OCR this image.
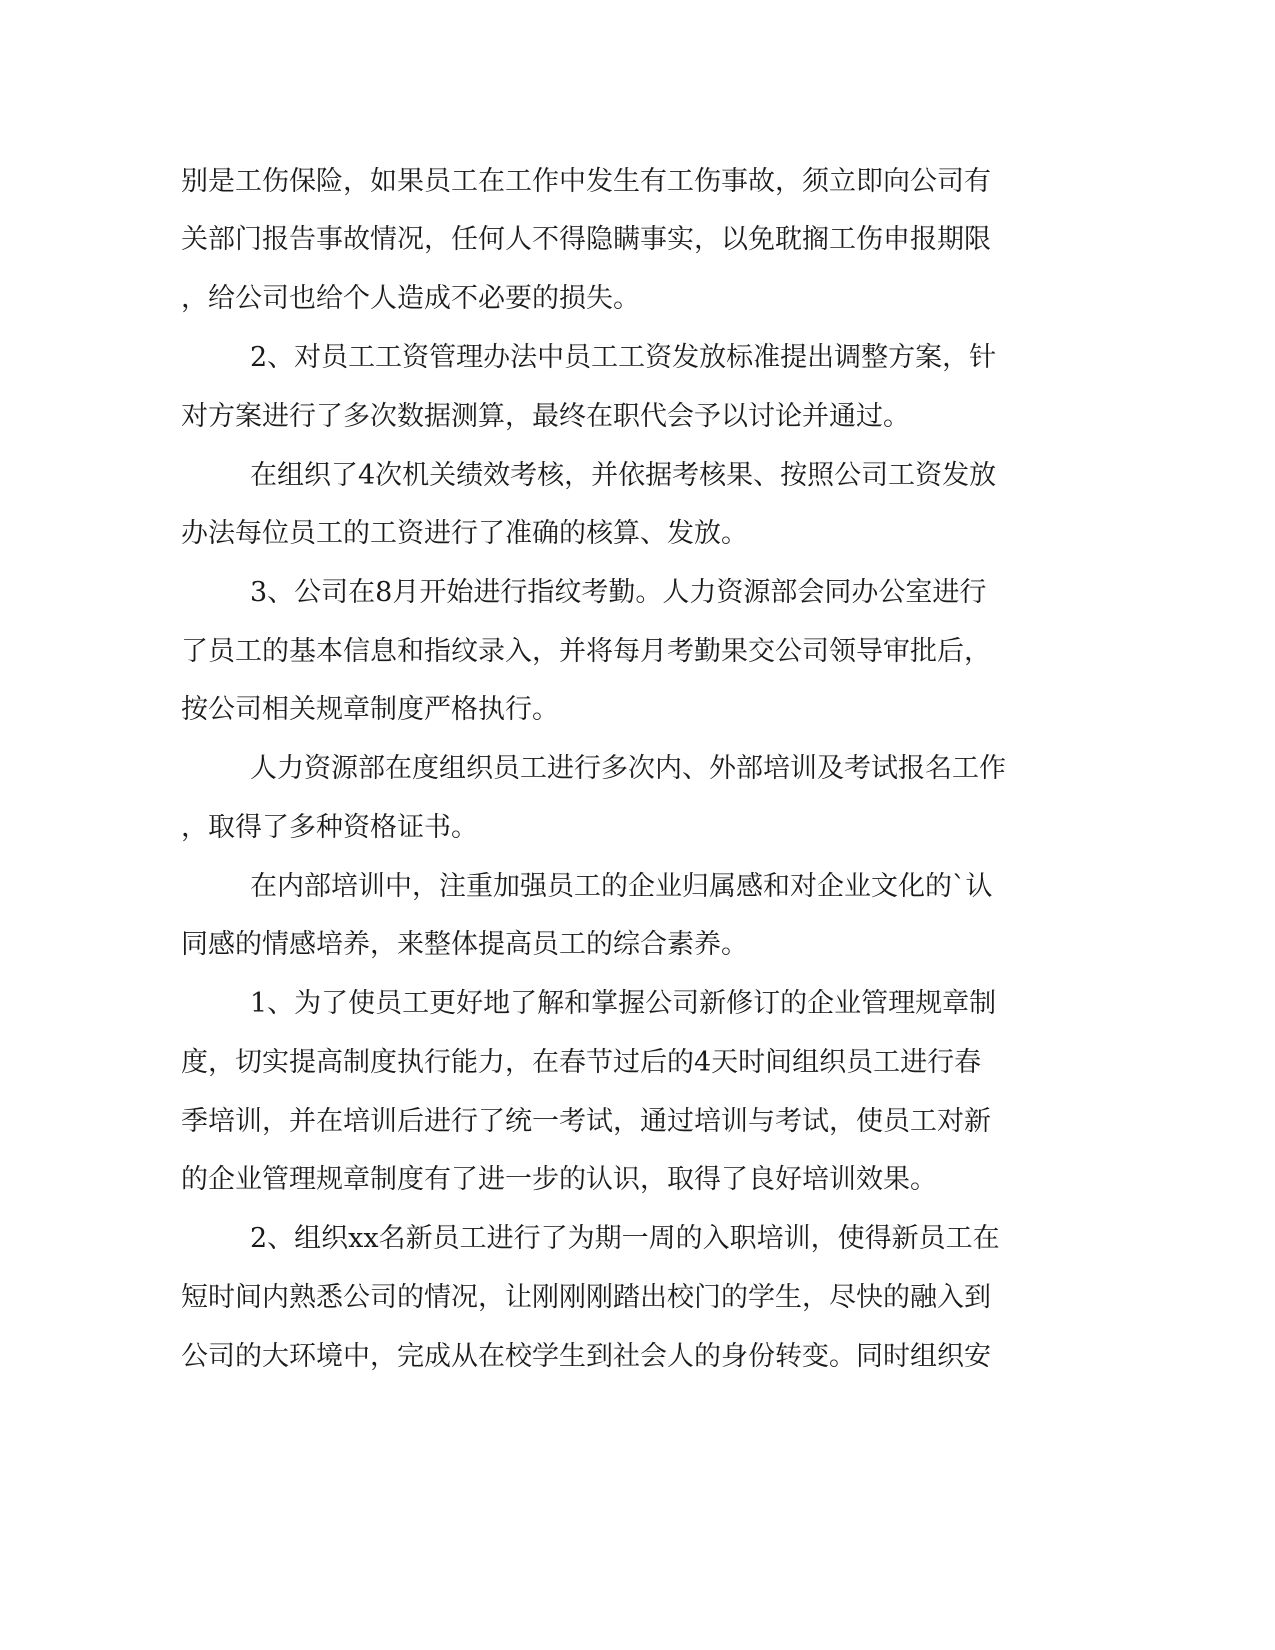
别是工伤保险，如果员工在工作中发生有工伤事故，须立即向公司有
关部门报告事故情况，任何人不得隐瞒事实，以免耽搁工伤申报期限
，给公司也给个人造成不必要的损失。
2、对员工工资管理办法中员工工资发放标准提出调整方案，针
对方案进行了多次数据测算，最终在职代会予以讨论并通过。
在组织了4次机关绩效考核，并依据考核果、按照公司工资发放
办法每位员工的工资进行了准确的核算、发放。
3、公司在8月开始进行指纹考勤。人力资源部会同办公室进行
了员工的基本信息和指纹录入，并将每月考勤果交公司领导审批后，
按公司相关规章制度严格执行。
人力资源部在度组织员工进行多次内、外部培训及考试报名工作
，取得了多种资格证书。
在内部培训中，注重加强员工的企业归属感和对企业文化的`认
同感的情感培养，来整体提高员工的综合素养。
1、为了使员工更好地了解和掌握公司新修订的企业管理规章制
度，切实提高制度执行能力，在春节过后的4天时间组织员工进行春
季培训，并在培训后进行了统一考试，通过培训与考试，使员工对新
的企业管理规章制度有了进一步的认识，取得了良好培训效果。
2、组织xx名新员工进行了为期一周的入职培训，使得新员工在
短时间内熟悉公司的情况，让刚刚刚踏出校门的学生，尽快的融入到
公司的大环境中，完成从在校学生到社会人的身份转变。同时组织安
